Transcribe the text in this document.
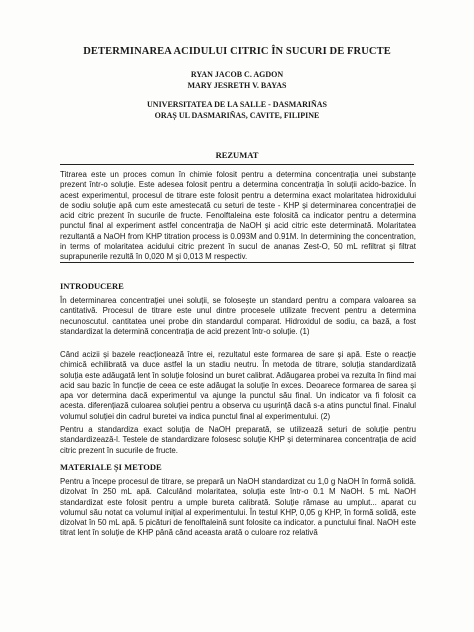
DETERMINAREA ACIDULUI CITRIC ÎN SUCURI DE FRUCTE
RYAN JACOB C. AGDON
MARY JESRETH V. BAYAS
UNIVERSITATEA DE LA SALLE - DASMARIÑAS
ORAȘ UL DASMARIÑAS, CAVITE, FILIPINE
REZUMAT
Titrarea este un proces comun în chimie folosit pentru a determina concentrația unei substanțe prezent într-o soluție. Este adesea folosit pentru a determina concentrația în soluții acido-bazice. În acest experimentul, procesul de titrare este folosit pentru a determina exact molaritatea hidroxidului de sodiu soluție apă cum este amestecată cu seturi de teste - KHP și determinarea concentrației de acid citric prezent în sucurile de fructe. Fenolftaleina este folosită ca indicator pentru a determina punctul final al experiment astfel concentrația de NaOH și acid citric este determinată. Molaritatea rezultantă a NaOH from KHP titration process is 0.093M and 0.91M. In determining the concentration, in terms of molaritatea acidului citric prezent în sucul de ananas Zest-O, 50 mL refiltrat și filtrat suprapunerile rezultă în 0,020 M și 0,013 M respectiv.
INTRODUCERE
În determinarea concentrației unei soluții, se folosește un standard pentru a compara valoarea sa cantitativă. Procesul de titrare este unul dintre procesele utilizate frecvent pentru a determina necunoscutul. cantitatea unei probe din standardul comparat. Hidroxidul de sodiu, ca bază, a fost standardizat la determină concentrația de acid prezent într-o soluție. (1)
Când acizii și bazele reacționează între ei, rezultatul este formarea de sare și apă. Este o reacție chimică echilibrată va duce astfel la un stadiu neutru. În metoda de titrare, soluția standardizată soluția este adăugată lent în soluție folosind un buret calibrat. Adăugarea probei va rezulta în fiind mai acid sau bazic în funcție de ceea ce este adăugat la soluție în exces. Deoarece formarea de sarea și apa vor determina dacă experimentul va ajunge la punctul său final. Un indicator va fi folosit ca acesta. diferențiază culoarea soluției pentru a observa cu ușurință dacă s-a atins punctul final. Finalul volumul soluției din cadrul buretei va indica punctul final al experimentului. (2)
Pentru a standardiza exact soluția de NaOH preparată, se utilizează seturi de soluție pentru standardizează-l. Testele de standardizare folosesc soluție KHP și determinarea concentrația de acid citric prezent în sucurile de fructe.
MATERIALE ȘI METODE
Pentru a începe procesul de titrare, se prepară un NaOH standardizat cu 1,0 g NaOH în formă solidă. dizolvat în 250 mL apă. Calculând molaritatea, soluția este într-o 0.1 M NaOH. 5 mL NaOH standardizat este folosit pentru a umple bureta calibrată. Soluție rămase au umplut... aparat cu volumul său notat ca volumul inițial al experimentului. În testul KHP, 0,05 g KHP, în formă solidă, este dizolvat în 50 mL apă. 5 picături de fenolftaleină sunt folosite ca indicator. a punctului final. NaOH este titrat lent în soluție de KHP până când aceasta arată o culoare roz relativă
